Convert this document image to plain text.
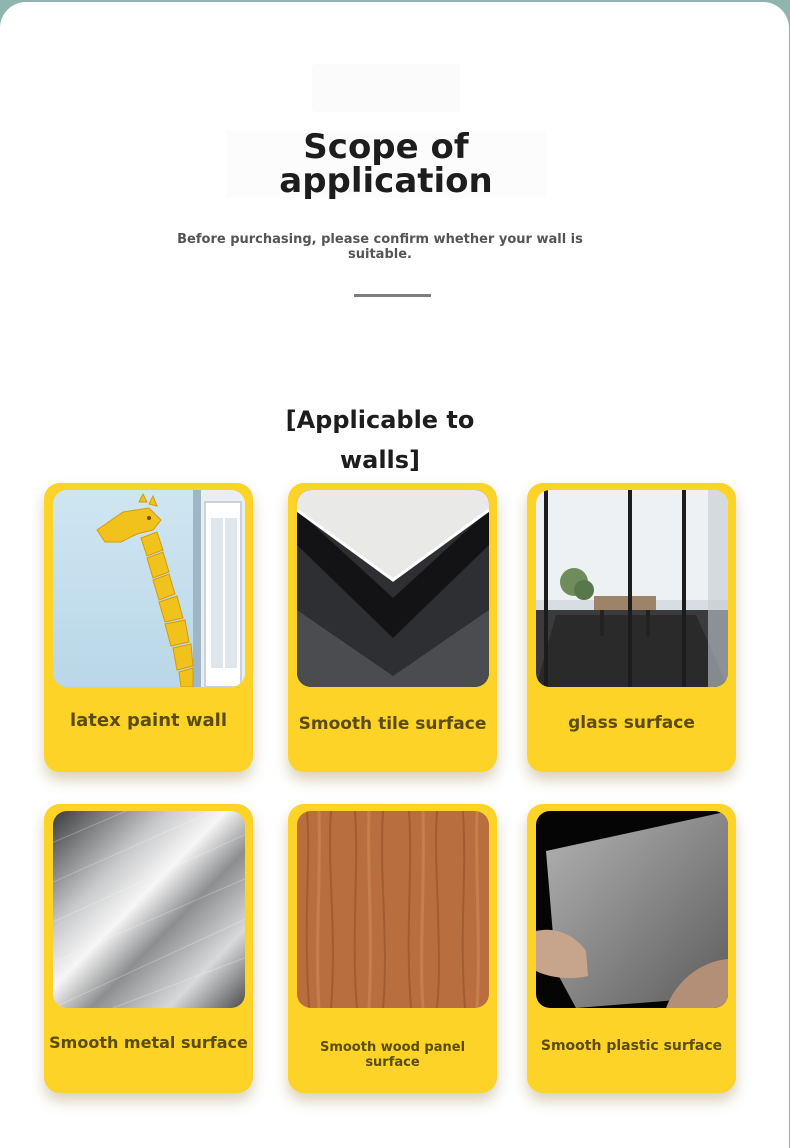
Scope of
application
Before purchasing, please confirm whether your wall is suitable.
[Applicable to walls]
latex paint wall	Smooth tile surface	glass surface
Smooth metal surface	Smooth wood panel surface
Smooth plastic surface
